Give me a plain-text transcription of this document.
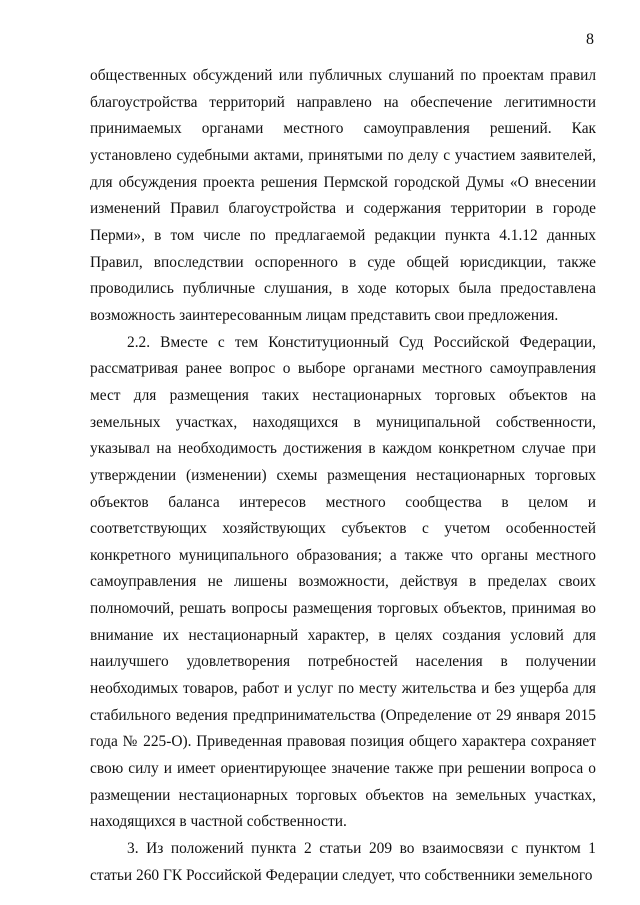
8

общественных обсуждений или публичных слушаний по проектам правил благоустройства территорий направлено на обеспечение легитимности принимаемых органами местного самоуправления решений. Как установлено судебными актами, принятыми по делу с участием заявителей, для обсуждения проекта решения Пермской городской Думы «О внесении изменений Правил благоустройства и содержания территории в городе Перми», в том числе по предлагаемой редакции пункта 4.1.12 данных Правил, впоследствии оспоренного в суде общей юрисдикции, также проводились публичные слушания, в ходе которых была предоставлена возможность заинтересованным лицам представить свои предложения.

2.2. Вместе с тем Конституционный Суд Российской Федерации, рассматривая ранее вопрос о выборе органами местного самоуправления мест для размещения таких нестационарных торговых объектов на земельных участках, находящихся в муниципальной собственности, указывал на необходимость достижения в каждом конкретном случае при утверждении (изменении) схемы размещения нестационарных торговых объектов баланса интересов местного сообщества в целом и соответствующих хозяйствующих субъектов с учетом особенностей конкретного муниципального образования; а также что органы местного самоуправления не лишены возможности, действуя в пределах своих полномочий, решать вопросы размещения торговых объектов, принимая во внимание их нестационарный характер, в целях создания условий для наилучшего удовлетворения потребностей населения в получении необходимых товаров, работ и услуг по месту жительства и без ущерба для стабильного ведения предпринимательства (Определение от 29 января 2015 года № 225-О). Приведенная правовая позиция общего характера сохраняет свою силу и имеет ориентирующее значение также при решении вопроса о размещении нестационарных торговых объектов на земельных участках, находящихся в частной собственности.

3. Из положений пункта 2 статьи 209 во взаимосвязи с пунктом 1 статьи 260 ГК Российской Федерации следует, что собственники земельного
